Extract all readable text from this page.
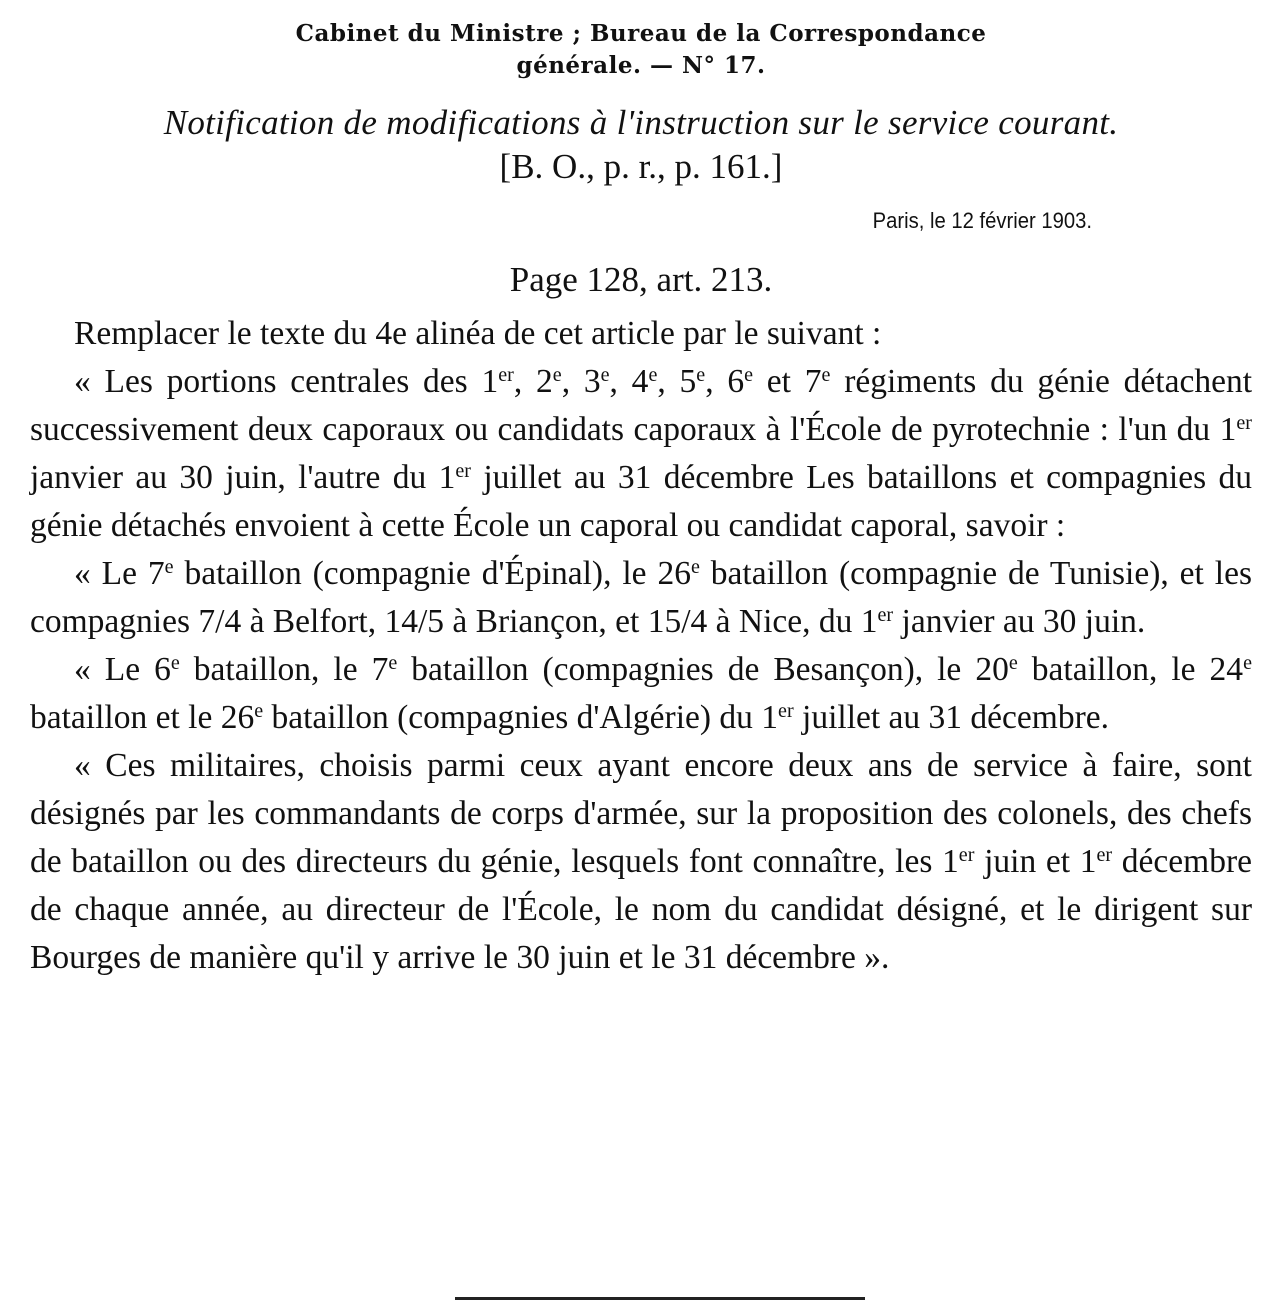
Cabinet du Ministre ; Bureau de la Correspondance
générale. — N° 17.
Notification de modifications à l'instruction sur le service courant.
[B. O., p. r., p. 161.]
Paris, le 12 février 1903.
Page 128, art. 213.

Remplacer le texte du 4e alinéa de cet article par le suivant :

« Les portions centrales des 1er, 2e, 3e, 4e, 5e, 6e et 7e régiments du génie détachent successivement deux caporaux ou candidats caporaux à l'École de pyrotechnie : l'un du 1er janvier au 30 juin, l'autre du 1er juillet au 31 décembre Les bataillons et compagnies du génie détachés envoient à cette École un caporal ou candidat caporal, savoir :

« Le 7e bataillon (compagnie d'Épinal), le 26e bataillon (compagnie de Tunisie), et les compagnies 7/4 à Belfort, 14/5 à Briançon, et 15/4 à Nice, du 1er janvier au 30 juin.

« Le 6e bataillon, le 7e bataillon (compagnies de Besançon), le 20e bataillon, le 24e bataillon et le 26e bataillon (compagnies d'Algérie) du 1er juillet au 31 décembre.

« Ces militaires, choisis parmi ceux ayant encore deux ans de service à faire, sont désignés par les commandants de corps d'armée, sur la proposition des colonels, des chefs de bataillon ou des directeurs du génie, lesquels font connaître, les 1er juin et 1er décembre de chaque année, au directeur de l'École, le nom du candidat désigné, et le dirigent sur Bourges de manière qu'il y arrive le 30 juin et le 31 décembre ».
